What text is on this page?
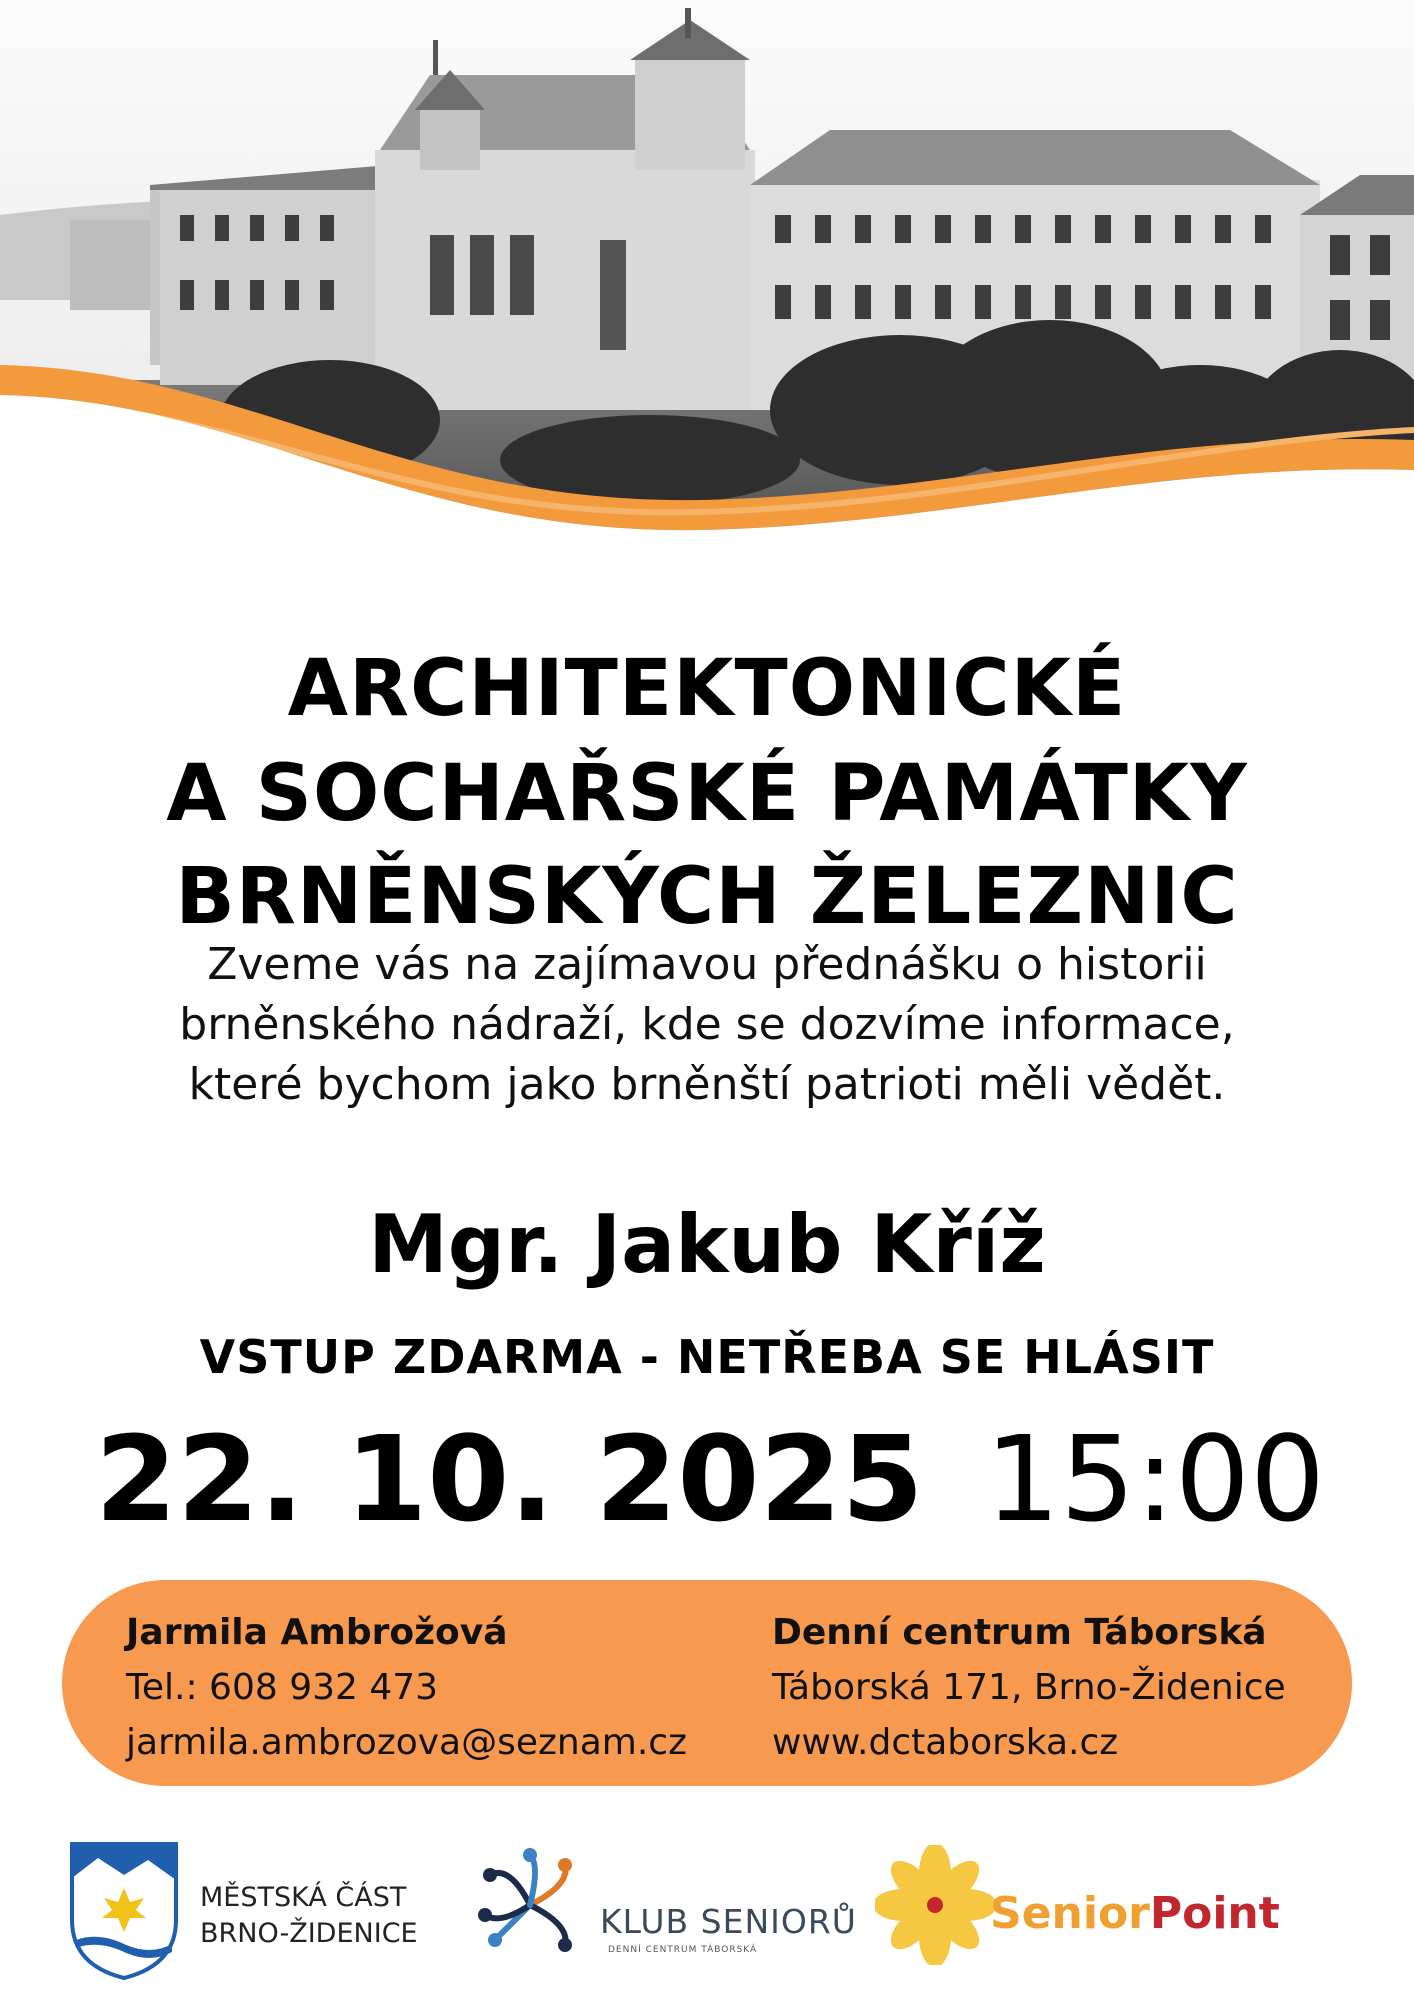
ARCHITEKTONICKÉ
A SOCHAŘSKÉ PAMÁTKY
BRNĚNSKÝCH ŽELEZNIC
Zveme vás na zajímavou přednášku o historii
brněnského nádraží, kde se dozvíme informace,
které bychom jako brněnští patrioti měli vědět.
Mgr. Jakub Kříž
VSTUP ZDARMA - NETŘEBA SE HLÁSIT
22. 10. 2025 15:00
Jarmila Ambrožová
Tel.: 608 932 473
jarmila.ambrozova@seznam.cz
Denní centrum Táborská
Táborská 171, Brno-Židenice
www.dctaborska.cz
MĚSTSKÁ ČÁST
BRNO-ŽIDENICE	KLUB SENIORŮ
DENNÍ CENTRUM TÁBORSKÁ
SeniorPoint
